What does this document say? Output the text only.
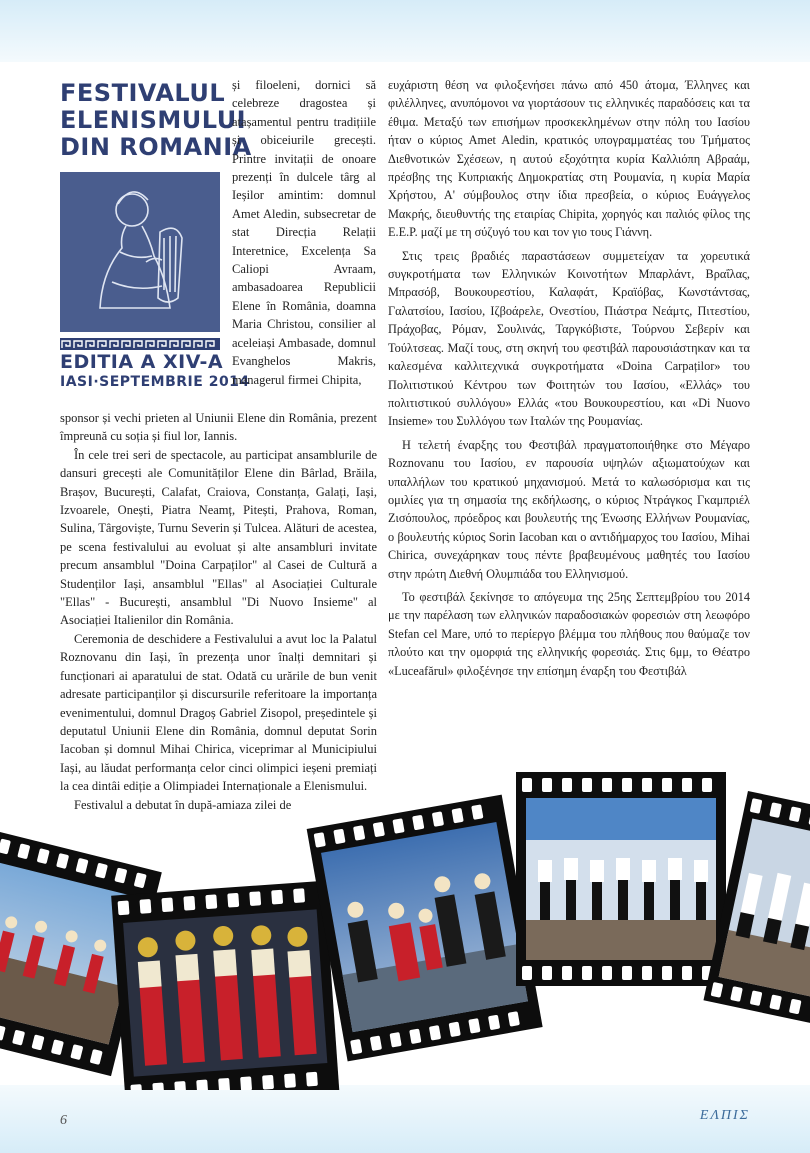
FESTIVALUL
ELENISMULUI
DIN ROMANIA
EDITIA A XIV-A
IASI·SEPTEMBRIE 2014

și filoeleni, dornici să celebreze dragostea și atașamentul pentru tradițiile și obiceiurile grecești. Printre invitații de onoare prezenți în dulcele târg al Ieșilor amintim: domnul Amet Aledin, subsecretar de stat Direcția Relații Interetnice, Excelența Sa Caliopi Avraam, ambasadoarea Republicii Elene în România, doamna Maria Christou, consilier al aceleiași Ambasade, domnul Evanghelos Makris, managerul firmei Chipita,

sponsor și vechi prieten al Uniunii Elene din România, prezent împreună cu soția și fiul lor, Iannis.

În cele trei seri de spectacole, au participat ansamblurile de dansuri grecești ale Comunităților Elene din Bârlad, Brăila, Brașov, București, Calafat, Craiova, Constanța, Galați, Iași, Izvoarele, Onești, Piatra Neamț, Pitești, Prahova, Roman, Sulina, Târgoviște, Turnu Severin și Tulcea. Alături de acestea, pe scena festivalului au evoluat și alte ansambluri invitate precum ansamblul "Doina Carpaților" al Casei de Cultură a Studenților Iași, ansamblul "Ellas" al Asociației Culturale "Ellas" - București, ansamblul "Di Nuovo Insieme" al Asociației Italienilor din România.

Ceremonia de deschidere a Festivalului a avut loc la Palatul Roznovanu din Iași, în prezența unor înalți demnitari și funcționari ai aparatului de stat. Odată cu urările de bun venit adresate participanților și discursurile referitoare la importanța evenimentului, domnul Dragoș Gabriel Zisopol, președintele și deputatul Uniunii Elene din România, domnul deputat Sorin Iacoban și domnul Mihai Chirica, viceprimar al Municipiului Iași, au lăudat performanța celor cinci olimpici ieșeni premiați la cea dintâi ediție a Olimpiadei Internaționale a Elenismului.

Festivalul a debutat în după-amiaza zilei de

ευχάριστη θέση να φιλοξενήσει πάνω από 450 άτομα, Έλληνες και φιλέλληνες, ανυπόμονοι να γιορτάσουν τις ελληνικές παραδόσεις και τα έθιμα. Μεταξύ των επισήμων προσκεκλημένων στην πόλη του Ιασίου ήταν ο κύριος Amet Aledin, κρατικός υπογραμματέας του Τμήματος Διεθνοτικών Σχέσεων, η αυτού εξοχότητα κυρία Καλλιόπη Αβραάμ, πρέσβης της Κυπριακής Δημοκρατίας στη Ρουμανία, η κυρία Μαρία Χρήστου, Α' σύμβουλος στην ίδια πρεσβεία, ο κύριος Ευάγγελος Μακρής, διευθυντής της εταιρίας Chipita, χορηγός και παλιός φίλος της Ε.Ε.Ρ. μαζί με τη σύζυγό του και τον γιο τους Γιάννη.

Στις τρεις βραδιές παραστάσεων συμμετείχαν τα χορευτικά συγκροτήματα των Ελληνικών Κοινοτήτων Μπαρλάντ, Βραΐλας, Μπρασόβ, Βουκουρεστίου, Καλαφάτ, Κραϊόβας, Κωνστάντσας, Γαλατσίου, Ιασίου, Ιζβοάρελε, Ονεστίου, Πιάστρα Νεάμτς, Πιτεστίου, Πράχοβας, Ρόμαν, Σουλινάς, Ταργκόβιστε, Τούρνου Σεβερίν και Τούλτσεας. Μαζί τους, στη σκηνή του φεστιβάλ παρουσιάστηκαν και τα καλεσμένα καλλιτεχνικά συγκροτήματα «Doina Carpaților» του Πολιτιστικού Κέντρου των Φοιτητών του Ιασίου, «Ελλάς» του πολιτιστικού συλλόγου» Ελλάς «του Βουκουρεστίου, και «Di Nuovo Insieme» του Συλλόγου των Ιταλών της Ρουμανίας.

Η τελετή έναρξης του Φεστιβάλ πραγματοποιήθηκε στο Μέγαρο Roznovanu του Ιασίου, εν παρουσία υψηλών αξιωματούχων και υπαλλήλων του κρατικού μηχανισμού. Μετά το καλωσόρισμα και τις ομιλίες για τη σημασία της εκδήλωσης, ο κύριος Ντράγκος Γκαμπριέλ Ζισόπουλος, πρόεδρος και βουλευτής της Ένωσης Ελλήνων Ρουμανίας, ο βουλευτής κύριος Sorin Iacoban και ο αντιδήμαρχος του Ιασίου, Mihai Chirica, συνεχάρηκαν τους πέντε βραβευμένους μαθητές του Ιασίου στην πρώτη Διεθνή Ολυμπιάδα του Ελληνισμού.

Το φεστιβάλ ξεκίνησε το απόγευμα της 25ης Σεπτεμβρίου του 2014 με την παρέλαση των ελληνικών παραδοσιακών φορεσιών στη λεωφόρο Stefan cel Mare, υπό το περίεργο βλέμμα του πλήθους που θαύμαζε τον πλούτο και την ομορφιά της ελληνικής φορεσιάς. Στις 6μμ, το Θέατρο «Luceafărul» φιλοξένησε την επίσημη έναρξη του Φεστιβάλ

6	ΕΛΠΙΣ
